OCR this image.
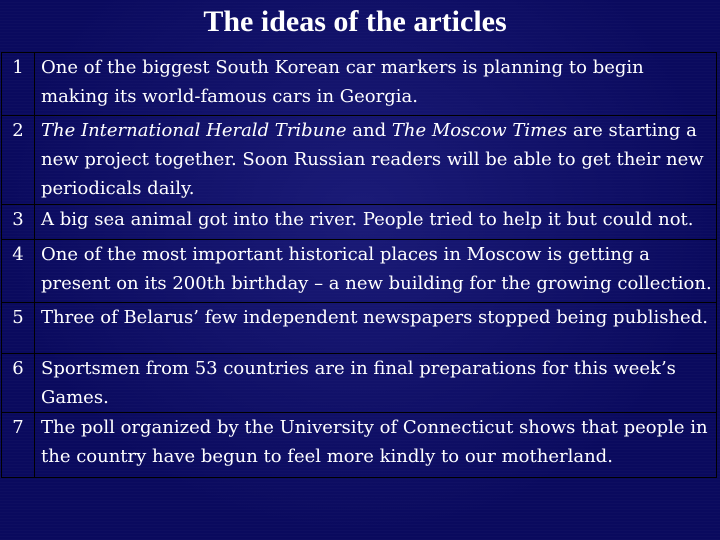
The ideas of the articles
1	One of the biggest South Korean car markers is planning to begin making its world-famous cars in Georgia.
2	The International Herald Tribune and The Moscow Times are starting a new project together. Soon Russian readers will be able to get their new periodicals daily.
3	A big sea animal got into the river. People tried to help it but could not.
4	One of the most important historical places in Moscow is getting a present on its 200th birthday – a new building for the growing collection.
5	Three of Belarus’ few independent newspapers stopped being published.
6	Sportsmen from 53 countries are in final preparations for this week’s Games.
7	The poll organized by the University of Connecticut shows that people in the country have begun to feel more kindly to our motherland.
